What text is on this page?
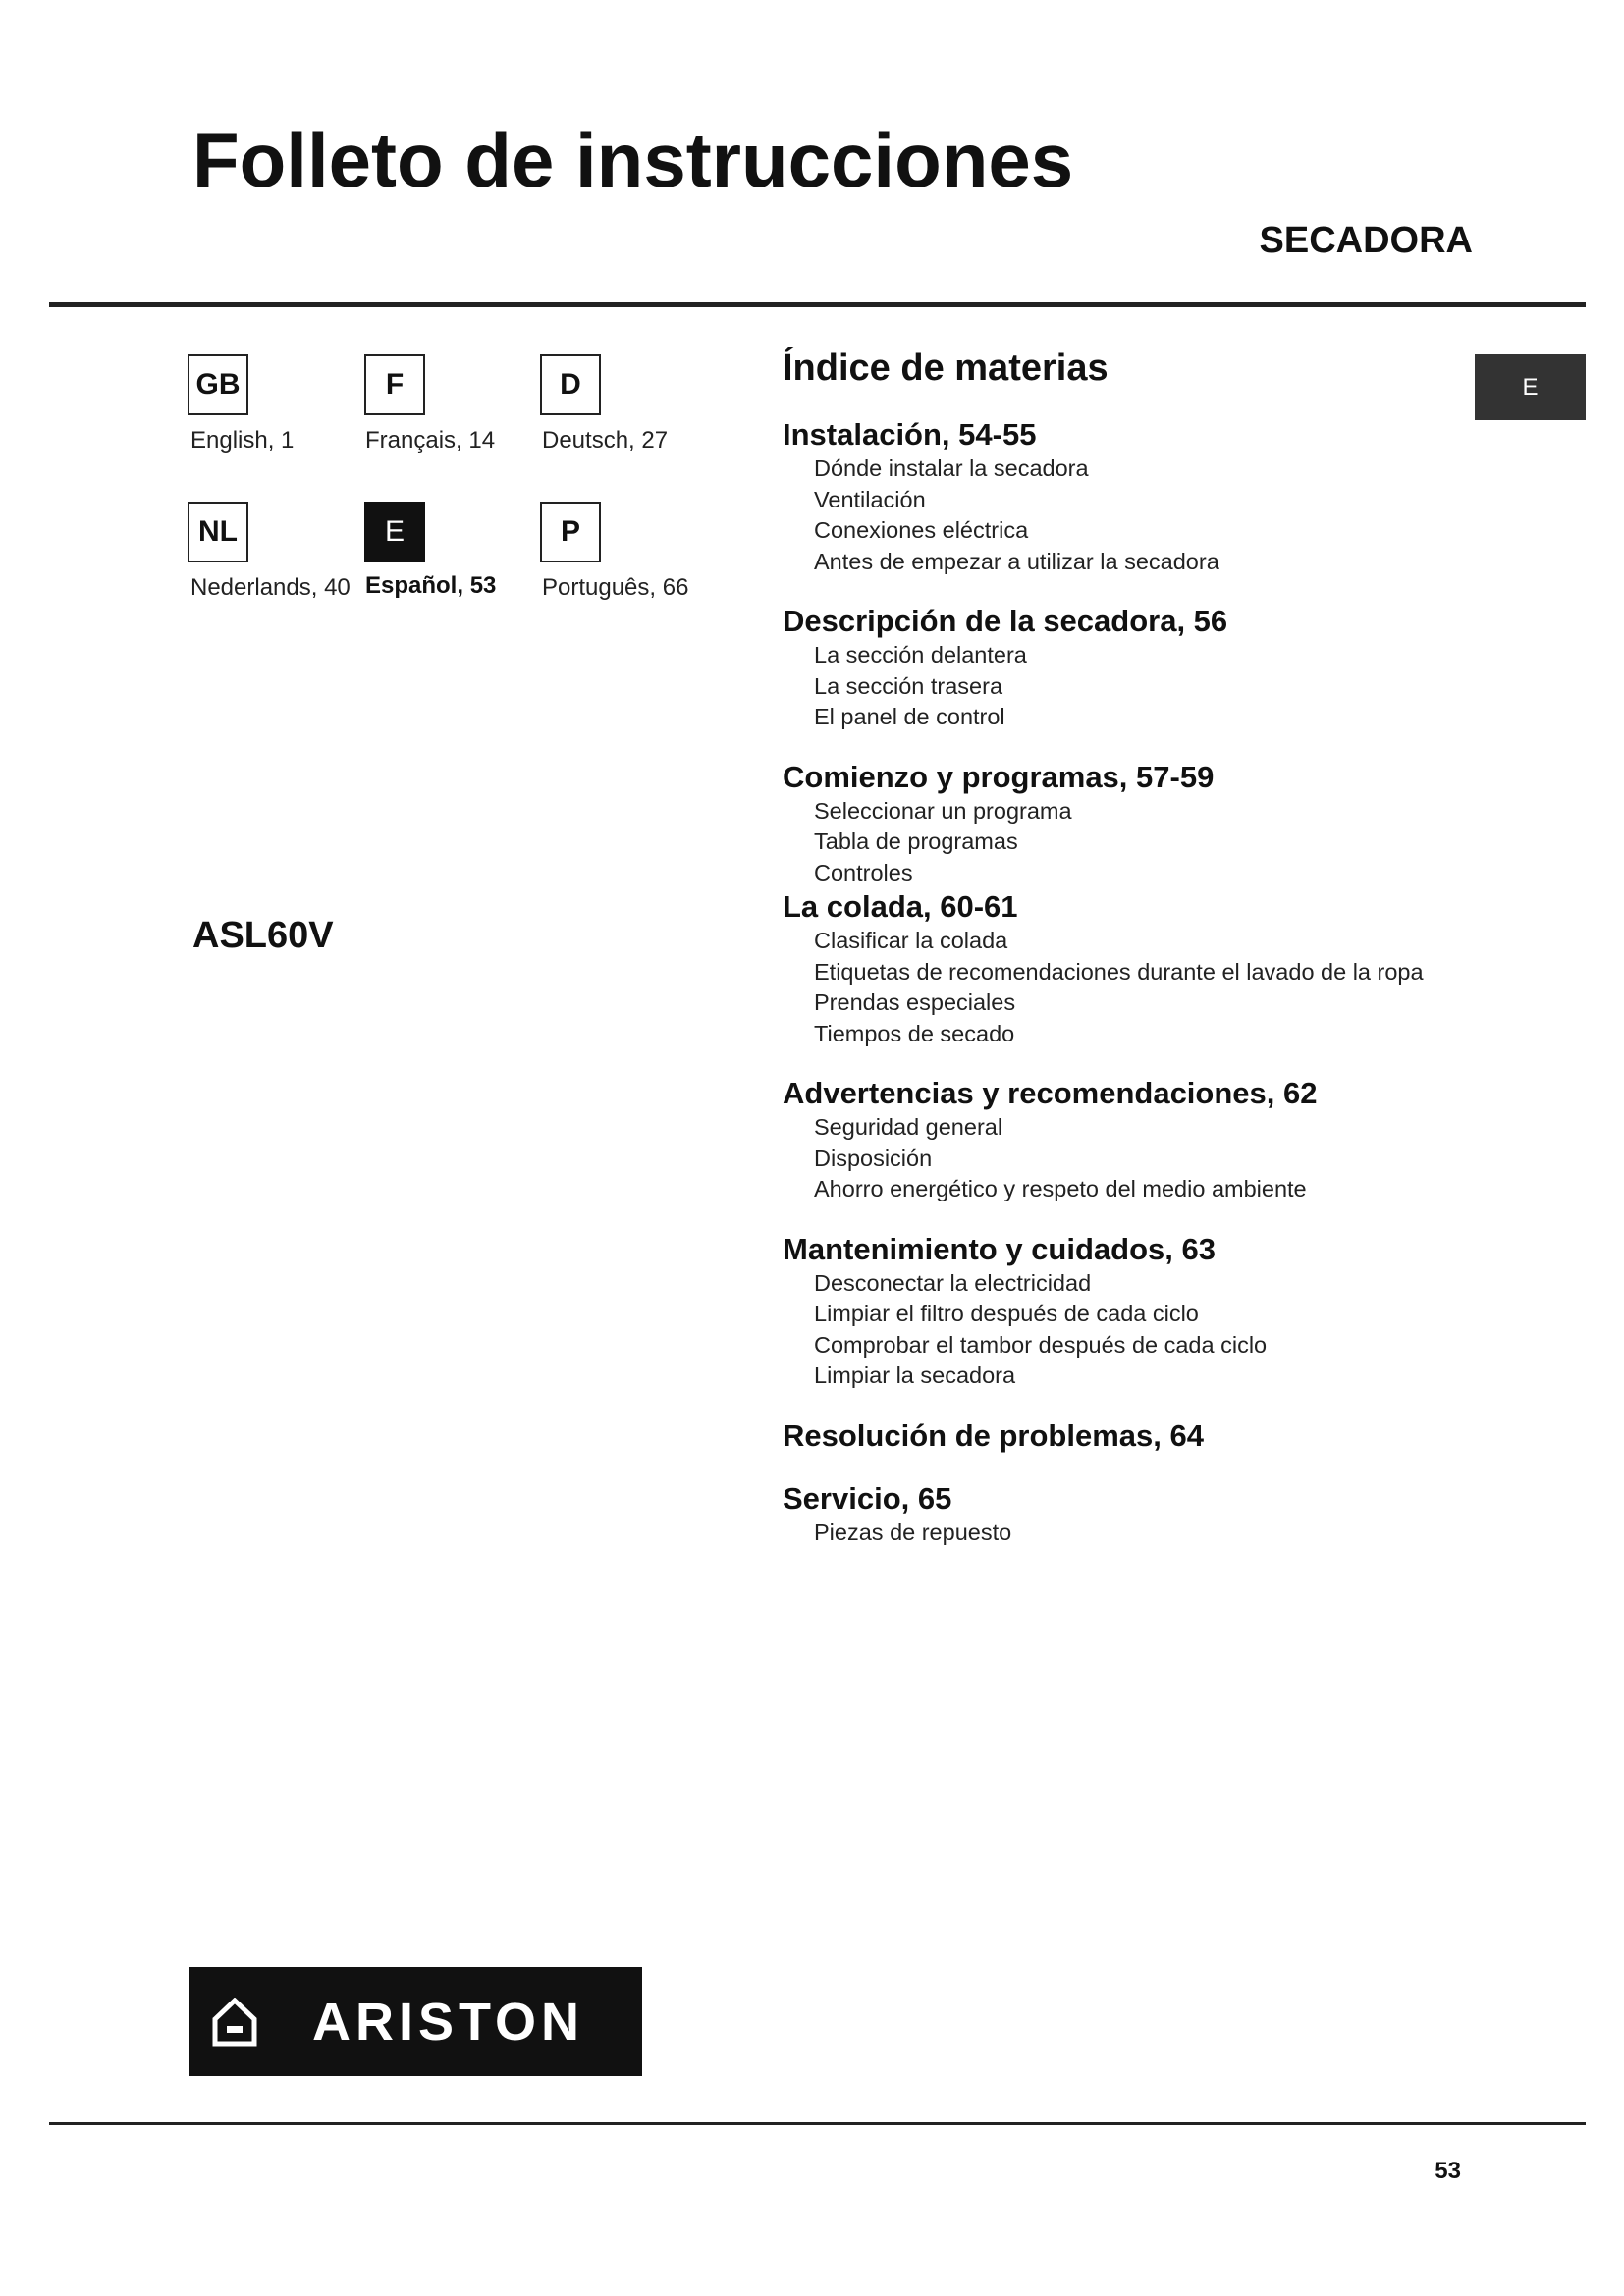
Folleto de instrucciones
SECADORA
GB
English, 1
F
Français, 14
D
Deutsch, 27
NL
Nederlands, 40
E
Español, 53
P
Português, 66
ASL60V
Índice de materias	E
Instalación, 54-55
Dónde instalar la secadora
Ventilación
Conexiones eléctrica
Antes de empezar a utilizar la secadora
Descripción de la secadora, 56
La sección delantera
La sección trasera
El panel de control
Comienzo y programas, 57-59
Seleccionar un programa
Tabla de programas
Controles
La colada, 60-61
Clasificar la colada
Etiquetas de recomendaciones durante el lavado de la ropa
Prendas especiales
Tiempos de secado
Advertencias y recomendaciones, 62
Seguridad general
Disposición
Ahorro energético y respeto del medio ambiente
Mantenimiento y cuidados, 63
Desconectar la electricidad
Limpiar el filtro después de cada ciclo
Comprobar el tambor después de cada ciclo
Limpiar la secadora
Resolución de problemas, 64
Servicio, 65
Piezas de repuesto
ARISTON
53
